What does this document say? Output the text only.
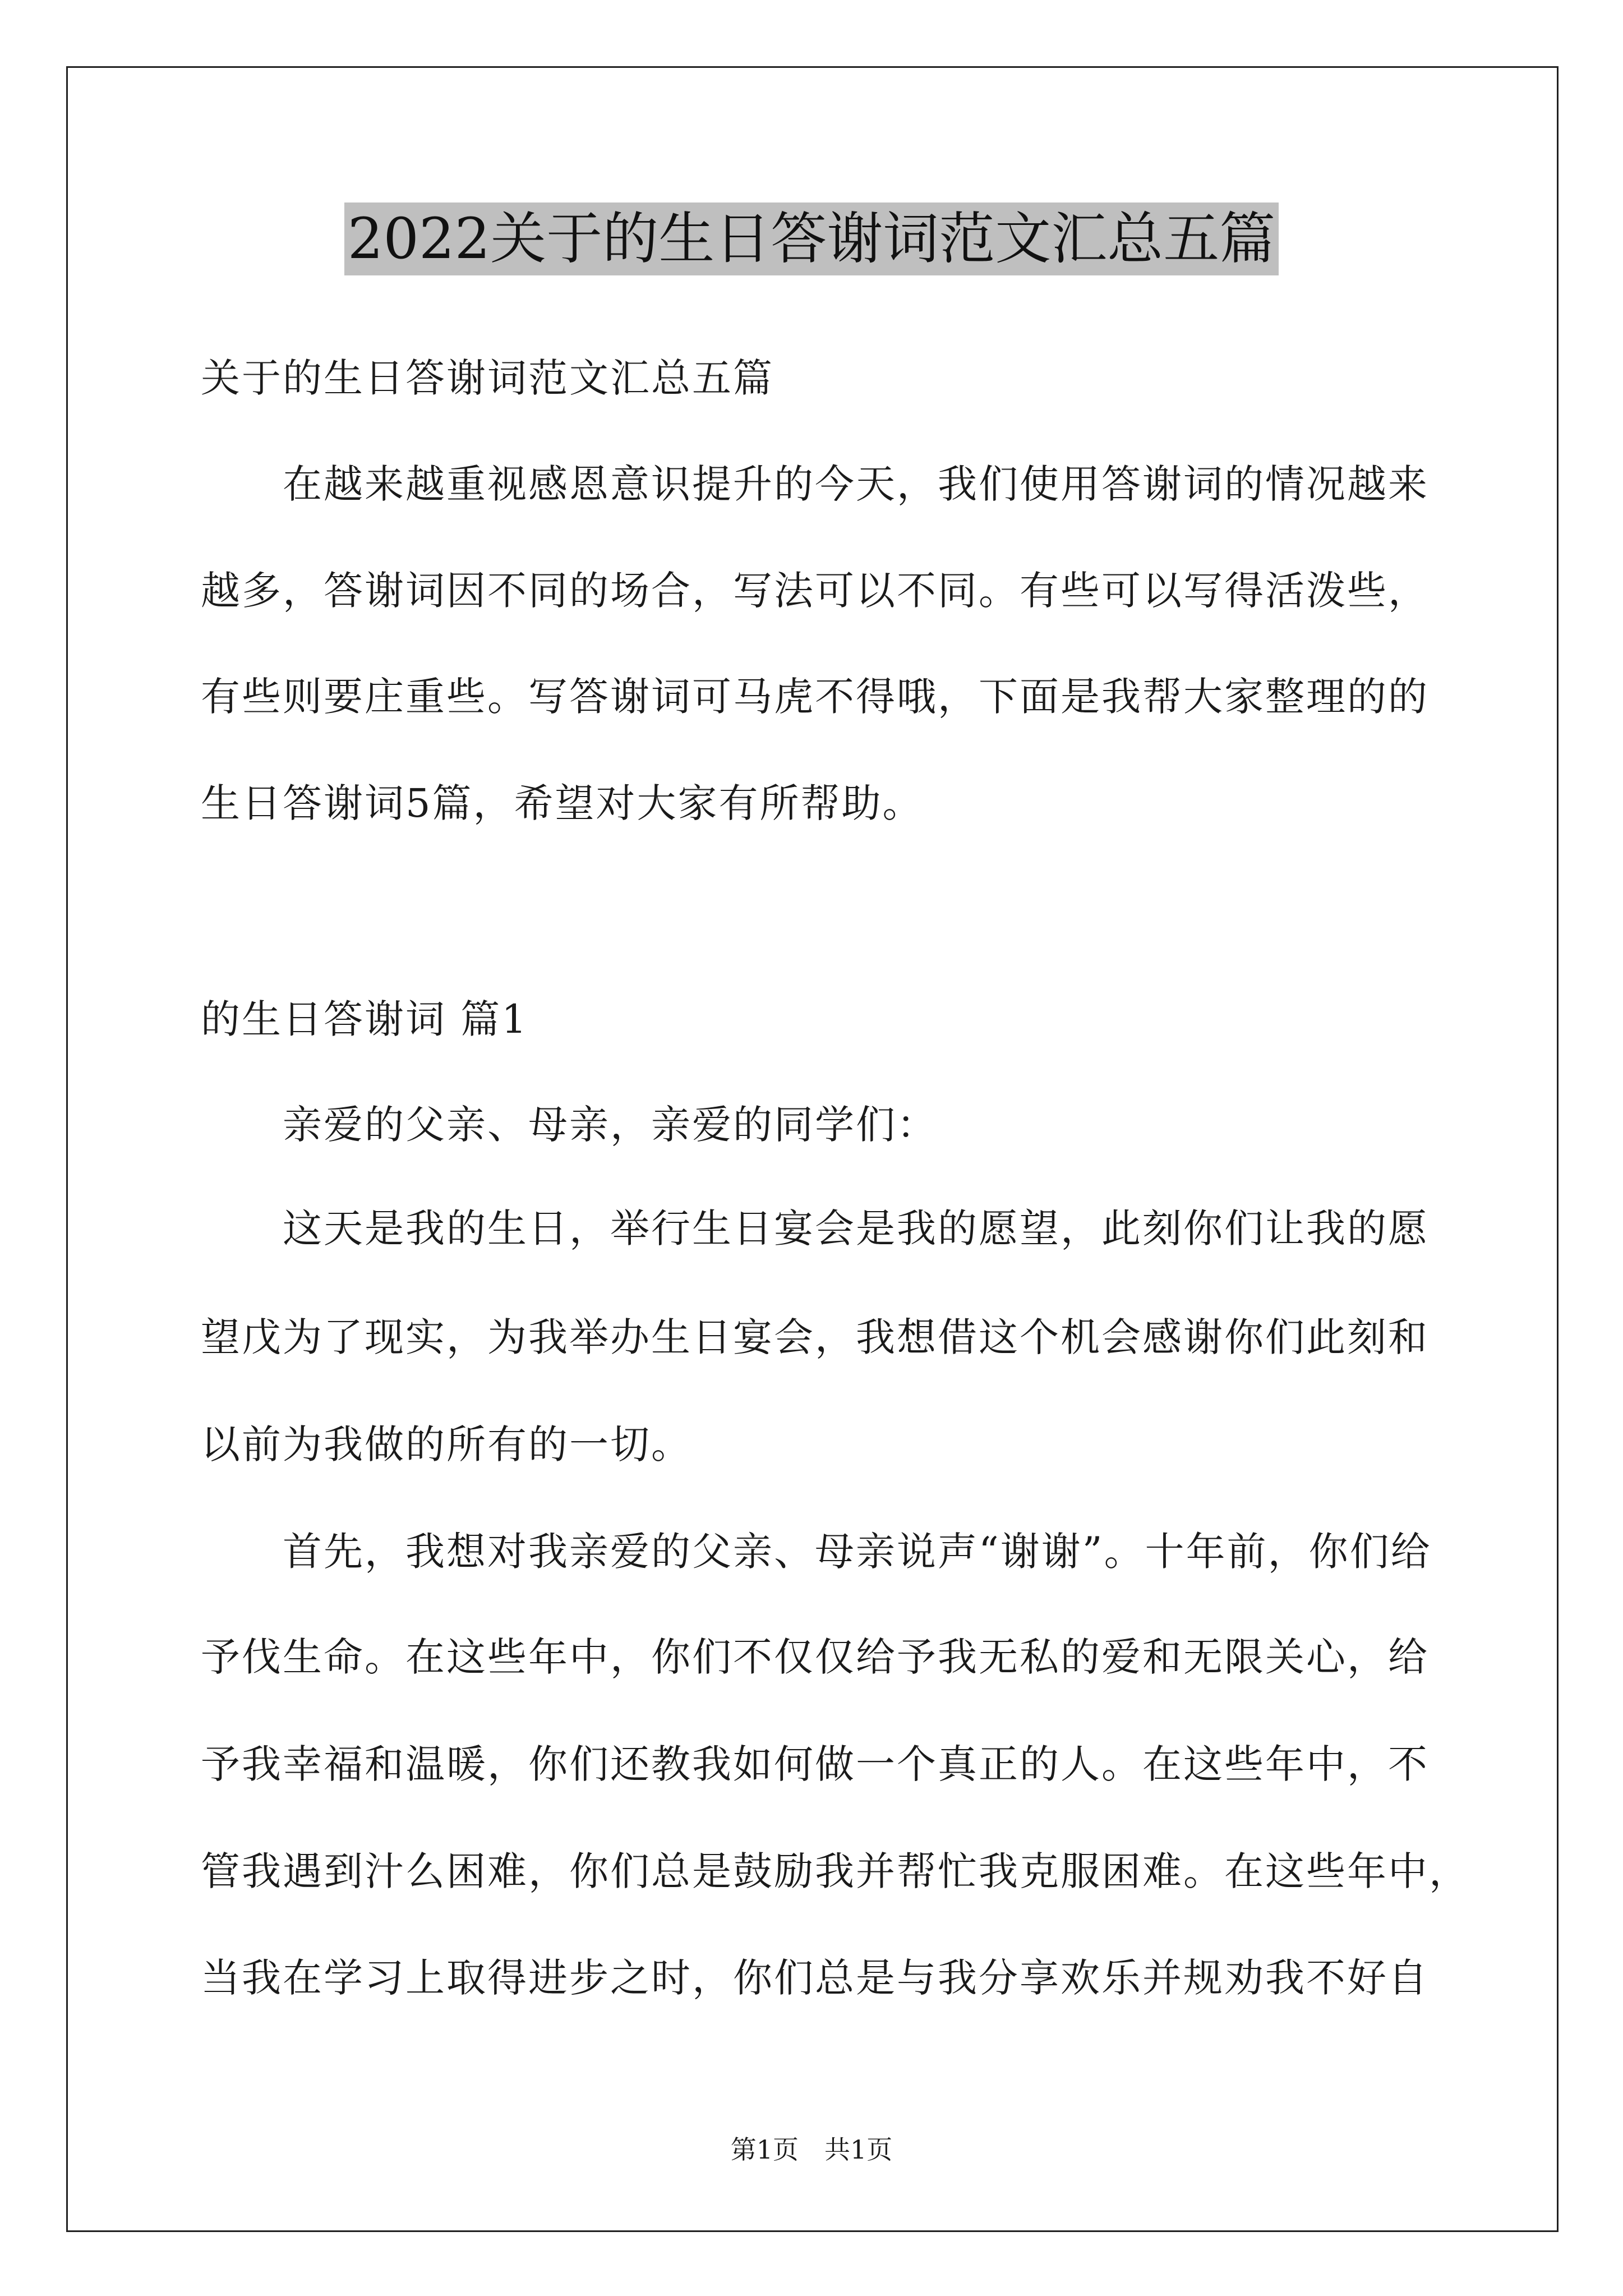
2022关于的生日答谢词范文汇总五篇
关于的生日答谢词范文汇总五篇
在越来越重视感恩意识提升的今天，我们使用答谢词的情况越来
越多，答谢词因不同的场合，写法可以不同。有些可以写得活泼些，
有些则要庄重些。写答谢词可马虎不得哦，下面是我帮大家整理的的
生日答谢词5篇，希望对大家有所帮助。
的生日答谢词 篇1
亲爱的父亲、母亲，亲爱的同学们：
这天是我的生日，举行生日宴会是我的愿望，此刻你们让我的愿
望戊为了现实，为我举办生日宴会，我想借这个机会感谢你们此刻和
以前为我做的所有的一切。
首先，我想对我亲爱的父亲、母亲说声“谢谢”。十年前，你们给
予伐生命。在这些年中，你们不仅仅给予我无私的爱和无限关心，给
予我幸福和温暖，你们还教我如何做一个真正的人。在这些年中，不
管我遇到汁么困难，你们总是鼓励我并帮忙我克服困难。在这些年中，
当我在学习上取得进步之时，你们总是与我分享欢乐并规劝我不好自
第1页　共1页
